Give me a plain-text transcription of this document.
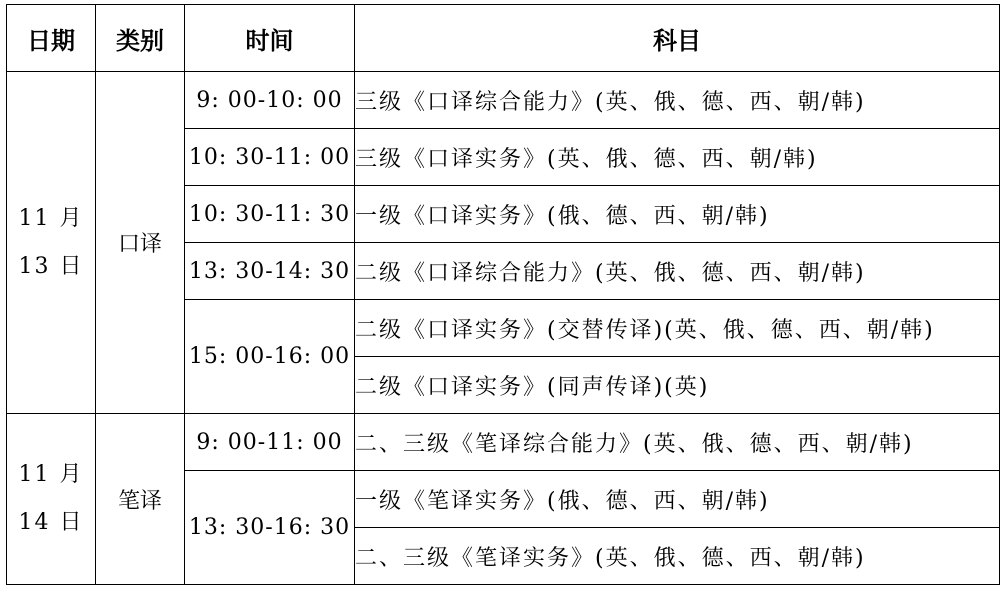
日期	类别	时间	科目

11 月
13 日	口译	9: 00-10: 00	三级《口译综合能力》(英、俄、德、西、朝/韩)
		10: 30-11: 00	三级《口译实务》(英、俄、德、西、朝/韩)
		10: 30-11: 30	一级《口译实务》(俄、德、西、朝/韩)
		13: 30-14: 30	二级《口译综合能力》(英、俄、德、西、朝/韩)
		15: 00-16: 00	二级《口译实务》(交替传译)(英、俄、德、西、朝/韩)
			二级《口译实务》(同声传译)(英)

11 月
14 日	笔译	9: 00-11: 00	二、三级《笔译综合能力》(英、俄、德、西、朝/韩)
		13: 30-16: 30	一级《笔译实务》(俄、德、西、朝/韩)
			二、三级《笔译实务》(英、俄、德、西、朝/韩)
